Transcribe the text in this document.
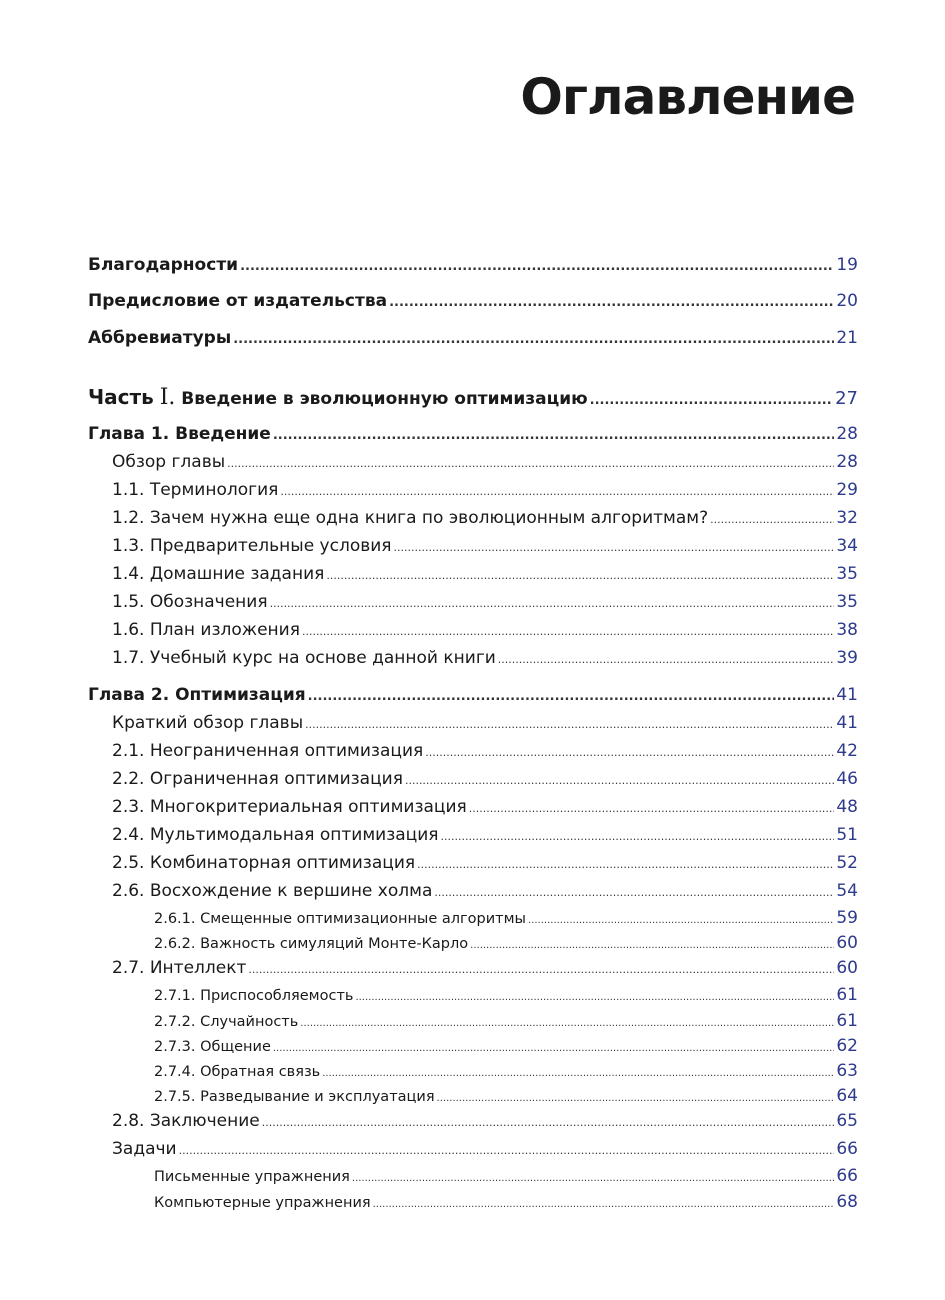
Оглавление
Благодарности .....	19
Предисловие от издательства .....	20
Аббревиатуры .....	21
Часть I. Введение в эволюционную оптимизацию .....	27
Глава 1. Введение .....	28
Обзор главы .....	28
1.1. Терминология .....	29
1.2. Зачем нужна еще одна книга по эволюционным алгоритмам? .....	32
1.3. Предварительные условия .....	34
1.4. Домашние задания .....	35
1.5. Обозначения .....	35
1.6. План изложения .....	38
1.7. Учебный курс на основе данной книги .....	39
Глава 2. Оптимизация .....	41
Краткий обзор главы .....	41
2.1. Неограниченная оптимизация .....	42
2.2. Ограниченная оптимизация .....	46
2.3. Многокритериальная оптимизация .....	48
2.4. Мультимодальная оптимизация .....	51
2.5. Комбинаторная оптимизация .....	52
2.6. Восхождение к вершине холма .....	54
2.6.1. Смещенные оптимизационные алгоритмы .....	59
2.6.2. Важность симуляций Монте-Карло .....	60
2.7. Интеллект .....	60
2.7.1. Приспособляемость .....	61
2.7.2. Случайность .....	61
2.7.3. Общение .....	62
2.7.4. Обратная связь .....	63
2.7.5. Разведывание и эксплуатация .....	64
2.8. Заключение .....	65
Задачи .....	66
Письменные упражнения .....	66
Компьютерные упражнения .....	68
